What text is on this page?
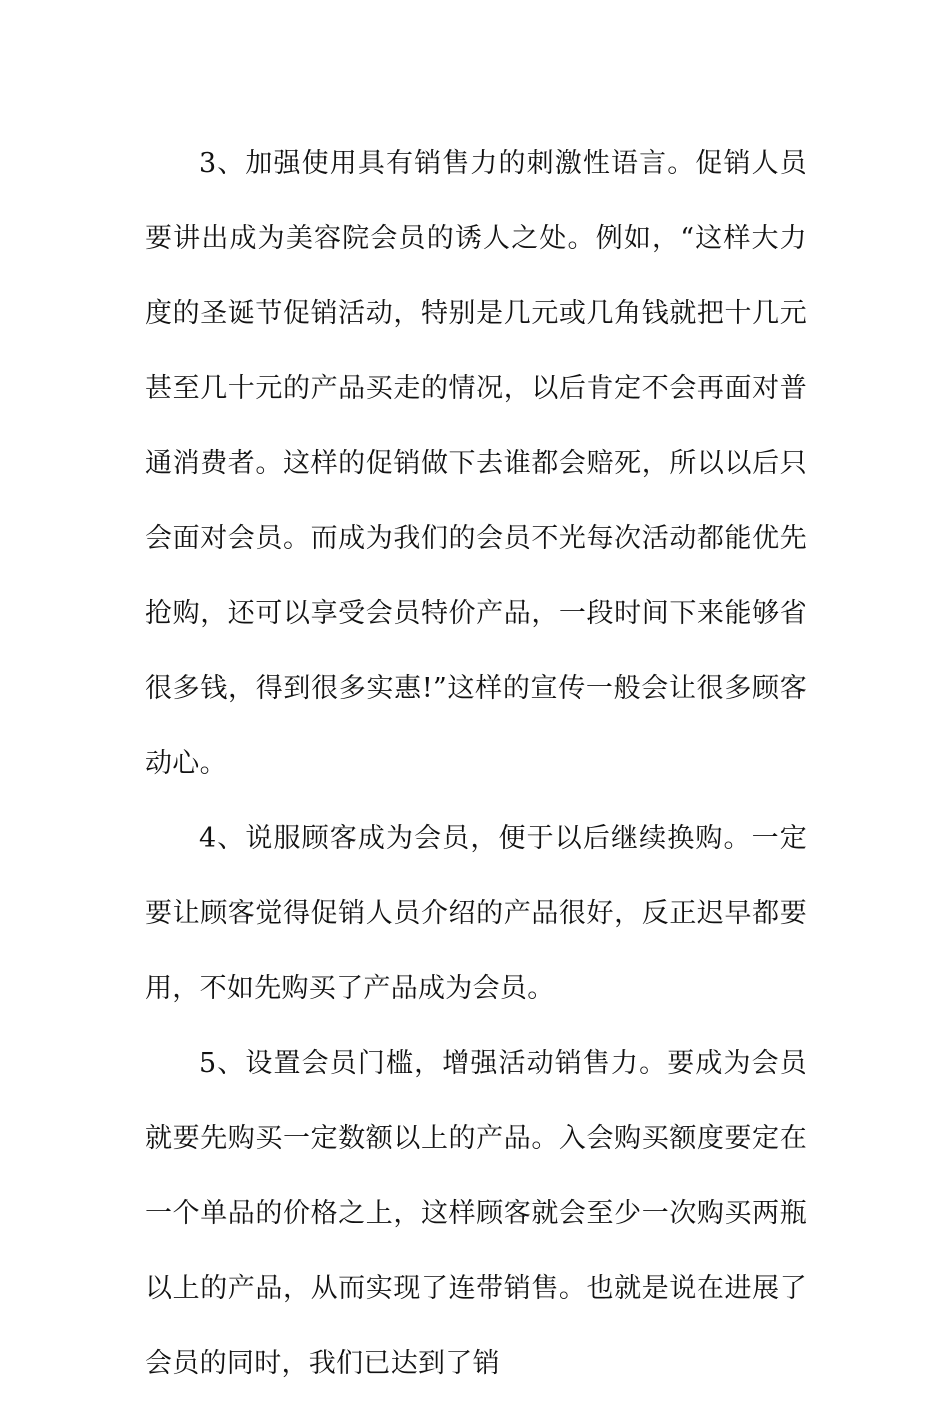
3、加强使用具有销售力的刺激性语言。促销人员要讲出成为美容院会员的诱人之处。例如，“这样大力度的圣诞节促销活动，特别是几元或几角钱就把十几元甚至几十元的产品买走的情况，以后肯定不会再面对普通消费者。这样的促销做下去谁都会赔死，所以以后只会面对会员。而成为我们的会员不光每次活动都能优先抢购，还可以享受会员特价产品，一段时间下来能够省很多钱，得到很多实惠!”这样的宣传一般会让很多顾客动心。

4、说服顾客成为会员，便于以后继续换购。一定要让顾客觉得促销人员介绍的产品很好，反正迟早都要用，不如先购买了产品成为会员。

5、设置会员门槛，增强活动销售力。要成为会员就要先购买一定数额以上的产品。入会购买额度要定在一个单品的价格之上，这样顾客就会至少一次购买两瓶以上的产品，从而实现了连带销售。也就是说在进展了会员的同时，我们已达到了销
